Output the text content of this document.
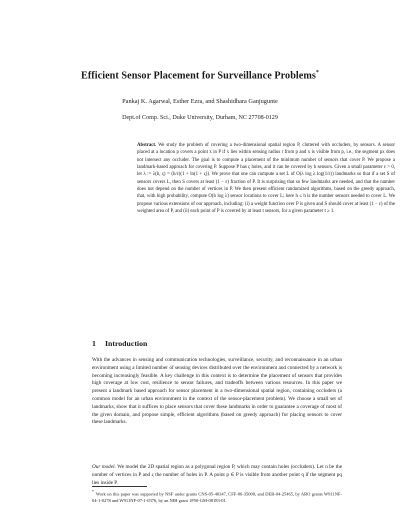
Efficient Sensor Placement for Surveillance Problems*
Pankaj K. Agarwal, Esther Ezra, and Shashidhara Ganjugunte
Dept.of Comp. Sci., Duke University, Durham, NC 27708-0129
Abstract. We study the problem of covering a two-dimensional spatial region P, cluttered with occluders, by sensors. A sensor placed at a location p covers a point x in P if x lies within sensing radius r from p and x is visible from p, i.e., the segment px does not intersect any occluder. The goal is to compute a placement of the minimum number of sensors that cover P. We propose a landmark-based approach for covering P. Suppose P has ς holes, and it can be covered by h sensors. Given a small parameter ε > 0, let λ := λ(h, ς) = (h/ε)(1 + ln(1 + ς)). We prove that one can compute a set L of O(λ log λ log(1/ε)) landmarks so that if a set S of sensors covers L, then S covers at least (1 − ε) fraction of P. It is surprising that so few landmarks are needed, and that the number does not depend on the number of vertices in P. We then present efficient randomized algorithms, based on the greedy approach, that, with high probability, compute O(h log λ) sensor locations to cover L; here h ≤ h is the number sensors needed to cover L. We propose various extensions of our approach, including: (i) a weight function over P is given and S should cover at least (1 − ε) of the weighted area of P, and (ii) each point of P is covered by at least t sensors, for a given parameter t ≥ 1.
1 Introduction
With the advances in sensing and communication technologies, surveillance, security, and reconnaissance in an urban environment using a limited number of sensing devices distributed over the environment and connected by a network is becoming increasingly feasible. A key challenge in this context is to determine the placement of sensors that provides high coverage at low cost, resilience to sensor failures, and tradeoffs between various resources. In this paper we present a landmark based approach for sensor placement in a two-dimensional spatial region, containing occluders (a common model for an urban environment in the context of the sensor-placement problem). We choose a small set of landmarks, show that it suffices to place sensors that cover these landmarks in order to guarantee a coverage of most of the given domain, and propose simple, efficient algorithms (based on greedy approach) for placing sensors to cover these landmarks.
Our model. We model the 2D spatial region as a polygonal region P, which may contain holes (occluders). Let n be the number of vertices in P and ς the number of holes in P. A point p ∈ P is visible from another point q if the segment pq lies inside P.
* Work on this paper was supported by NSF under grants CNS-05-40347, CFF-06-35000, and DEB-04-25465, by ARO grants W911NF-04-1-0278 and W911NF-07-1-0376, by an NIH grant 1P50-GM-08183-01.
